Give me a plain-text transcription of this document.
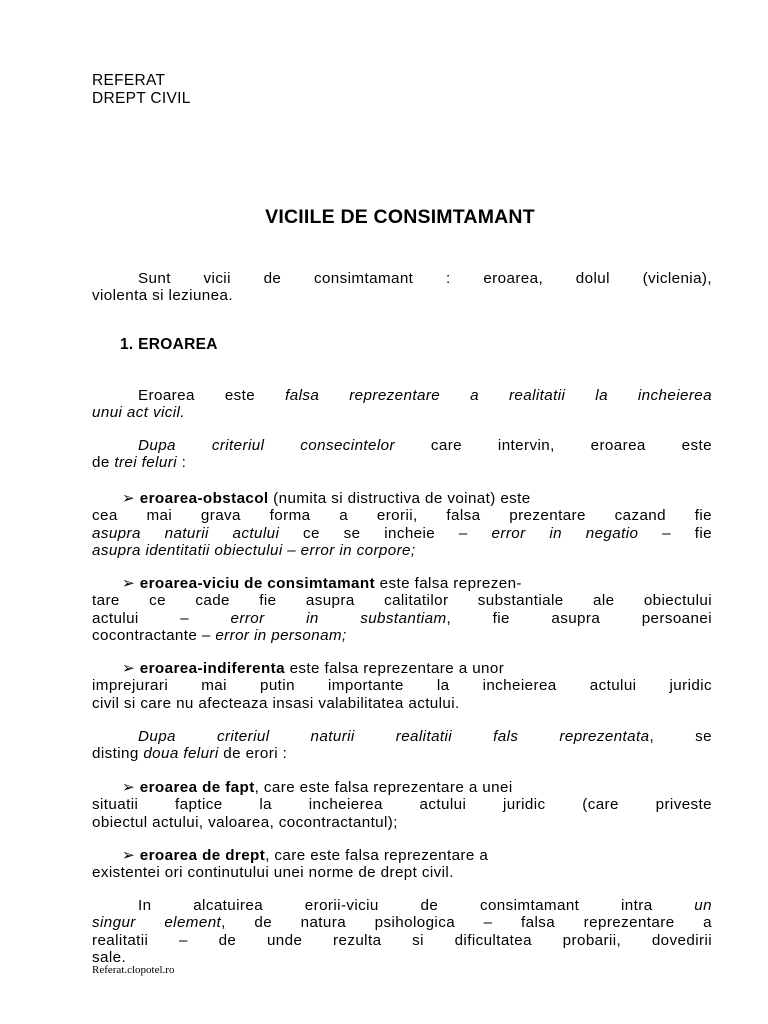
REFERAT
DREPT CIVIL
VICIILE DE CONSIMTAMANT
Sunt vicii de consimtamant : eroarea, dolul (viclenia),
violenta si leziunea.
1. EROAREA
Eroarea este falsa reprezentare a realitatii la incheierea
unui act vicil.
Dupa criteriul consecintelor care intervin, eroarea este
de trei feluri :
➢ eroarea-obstacol (numita si distructiva de voinat) este
cea mai grava forma a erorii, falsa prezentare cazand fie
asupra naturii actului ce se incheie – error in negatio – fie
asupra identitatii obiectului – error in corpore;
➢ eroarea-viciu de consimtamant este falsa reprezen-
tare ce cade fie asupra calitatilor substantiale ale obiectului
actului – error in substantiam, fie asupra persoanei
cocontractante – error in personam;
➢ eroarea-indiferenta este falsa reprezentare a unor
imprejurari mai putin importante la incheierea actului juridic
civil si care nu afecteaza insasi valabilitatea actului.
Dupa criteriul naturii realitatii fals reprezentata, se
disting doua feluri de erori :
➢ eroarea de fapt, care este falsa reprezentare a unei
situatii faptice la incheierea actului juridic (care priveste
obiectul actului, valoarea, cocontractantul);
➢ eroarea de drept, care este falsa reprezentare a
existentei ori continutului unei norme de drept civil.
In alcatuirea erorii-viciu de consimtamant intra un
singur element, de natura psihologica – falsa reprezentare a
realitatii – de unde rezulta si dificultatea probarii, dovedirii
sale.
Referat.clopotel.ro
